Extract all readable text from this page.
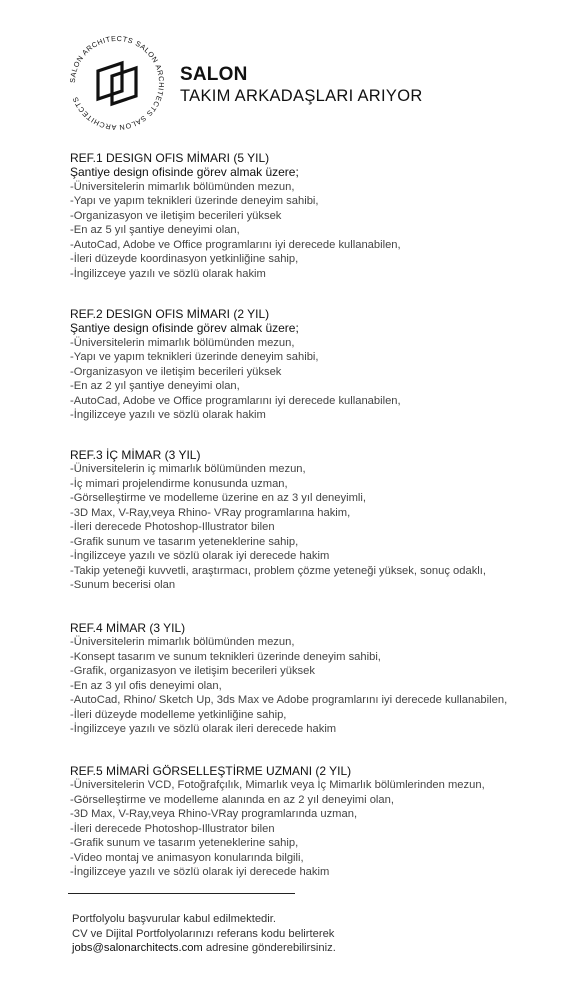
SALON ARCHITECTS SALON ARCHITECTS SALON ARCHITECTS
SALON
TAKIM ARKADAŞLARI ARIYOR
REF.1 DESIGN OFIS MİMARI (5 YIL)
Şantiye design ofisinde görev almak üzere;
-Üniversitelerin mimarlık bölümünden mezun,
-Yapı ve yapım teknikleri üzerinde deneyim sahibi,
-Organizasyon ve iletişim becerileri yüksek
-En az 5 yıl şantiye deneyimi olan,
-AutoCad, Adobe ve Office programlarını iyi derecede kullanabilen,
-İleri düzeyde koordinasyon yetkinliğine sahip,
-İngilizceye yazılı ve sözlü olarak hakim
REF.2 DESIGN OFIS MİMARI (2 YIL)
Şantiye design ofisinde görev almak üzere;
-Üniversitelerin mimarlık bölümünden mezun,
-Yapı ve yapım teknikleri üzerinde deneyim sahibi,
-Organizasyon ve iletişim becerileri yüksek
-En az 2 yıl şantiye deneyimi olan,
-AutoCad, Adobe ve Office programlarını iyi derecede kullanabilen,
-İngilizceye yazılı ve sözlü olarak hakim
REF.3 İÇ MİMAR (3 YIL)
-Üniversitelerin iç mimarlık bölümünden mezun,
-İç mimari projelendirme konusunda uzman,
-Görselleştirme ve modelleme üzerine en az 3 yıl deneyimli,
-3D Max, V-Ray,veya Rhino- VRay programlarına hakim,
-İleri derecede Photoshop-Illustrator bilen
-Grafik sunum ve tasarım yeteneklerine sahip,
-İngilizceye yazılı ve sözlü olarak iyi derecede hakim
-Takip yeteneği kuvvetli, araştırmacı, problem çözme yeteneği yüksek, sonuç odaklı,
-Sunum becerisi olan
REF.4 MİMAR (3 YIL)
-Üniversitelerin mimarlık bölümünden mezun,
-Konsept tasarım ve sunum teknikleri üzerinde deneyim sahibi,
-Grafik, organizasyon ve iletişim becerileri yüksek
-En az 3 yıl ofis deneyimi olan,
-AutoCad, Rhino/ Sketch Up, 3ds Max ve Adobe programlarını iyi derecede kullanabilen,
-İleri düzeyde modelleme yetkinliğine sahip,
-İngilizceye yazılı ve sözlü olarak ileri derecede hakim
REF.5 MİMARİ GÖRSELLEŞTİRME UZMANI (2 YIL)
-Üniversitelerin VCD, Fotoğrafçılık, Mimarlık veya İç Mimarlık bölümlerinden mezun,
-Görselleştirme ve modelleme alanında en az 2 yıl deneyimi olan,
-3D Max, V-Ray,veya Rhino-VRay programlarında uzman,
-İleri derecede Photoshop-Illustrator bilen
-Grafik sunum ve tasarım yeteneklerine sahip,
-Video montaj ve animasyon konularında bilgili,
-İngilizceye yazılı ve sözlü olarak iyi derecede hakim
Portfolyolu başvurular kabul edilmektedir.
CV ve Dijital Portfolyolarınızı referans kodu belirterek
jobs@salonarchitects.com adresine gönderebilirsiniz.
